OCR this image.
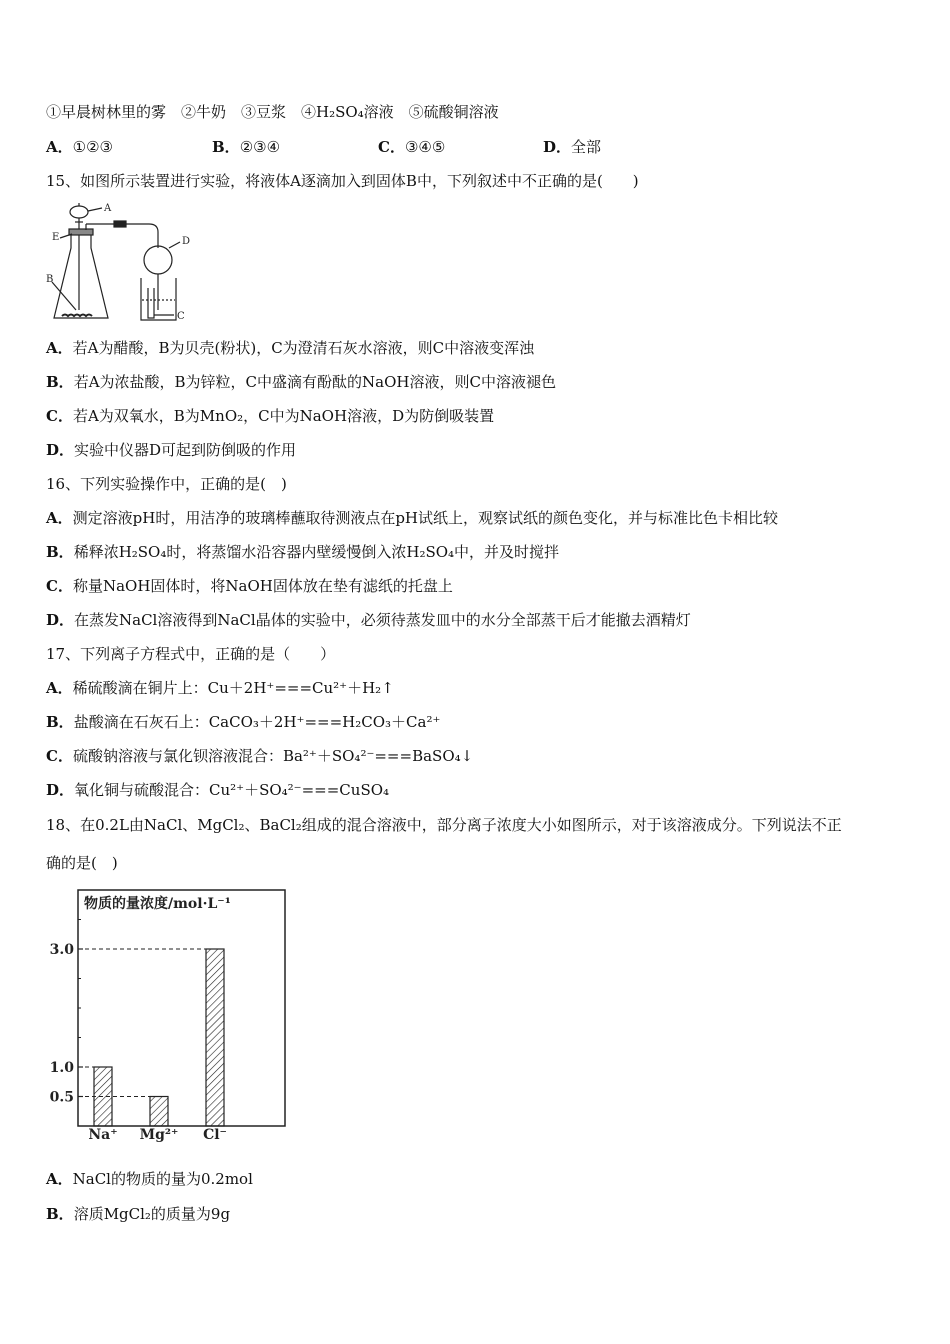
①早晨树林里的雾　②牛奶　③豆浆　④H₂SO₄溶液　⑤硫酸铜溶液
A．①②③	B．②③④	C．③④⑤	D．全部
15、如图所示装置进行实验，将液体A逐滴加入到固体B中，下列叙述中不正确的是(　　)
A
E
B
D
C
A．若A为醋酸，B为贝壳(粉状)，C为澄清石灰水溶液，则C中溶液变浑浊
B．若A为浓盐酸，B为锌粒，C中盛滴有酚酞的NaOH溶液，则C中溶液褪色
C．若A为双氧水，B为MnO₂，C中为NaOH溶液，D为防倒吸装置
D．实验中仪器D可起到防倒吸的作用
16、下列实验操作中，正确的是(　)
A．测定溶液pH时，用洁净的玻璃棒蘸取待测液点在pH试纸上，观察试纸的颜色变化，并与标准比色卡相比较
B．稀释浓H₂SO₄时，将蒸馏水沿容器内壁缓慢倒入浓H₂SO₄中，并及时搅拌
C．称量NaOH固体时，将NaOH固体放在垫有滤纸的托盘上
D．在蒸发NaCl溶液得到NaCl晶体的实验中，必须待蒸发皿中的水分全部蒸干后才能撤去酒精灯
17、下列离子方程式中，正确的是（　　）
A．稀硫酸滴在铜片上：Cu＋2H⁺===Cu²⁺＋H₂↑
B．盐酸滴在石灰石上：CaCO₃＋2H⁺===H₂CO₃＋Ca²⁺
C．硫酸钠溶液与氯化钡溶液混合：Ba²⁺＋SO₄²⁻===BaSO₄↓
D．氧化铜与硫酸混合：Cu²⁺＋SO₄²⁻===CuSO₄
18、在0.2L由NaCl、MgCl₂、BaCl₂组成的混合溶液中，部分离子浓度大小如图所示，对于该溶液成分。下列说法不正
确的是(　)
物质的量浓度/mol·L⁻¹
0.5
1.0
3.0
Na⁺ Mg²⁺ Cl⁻
A．NaCl的物质的量为0.2mol
B．溶质MgCl₂的质量为9g
